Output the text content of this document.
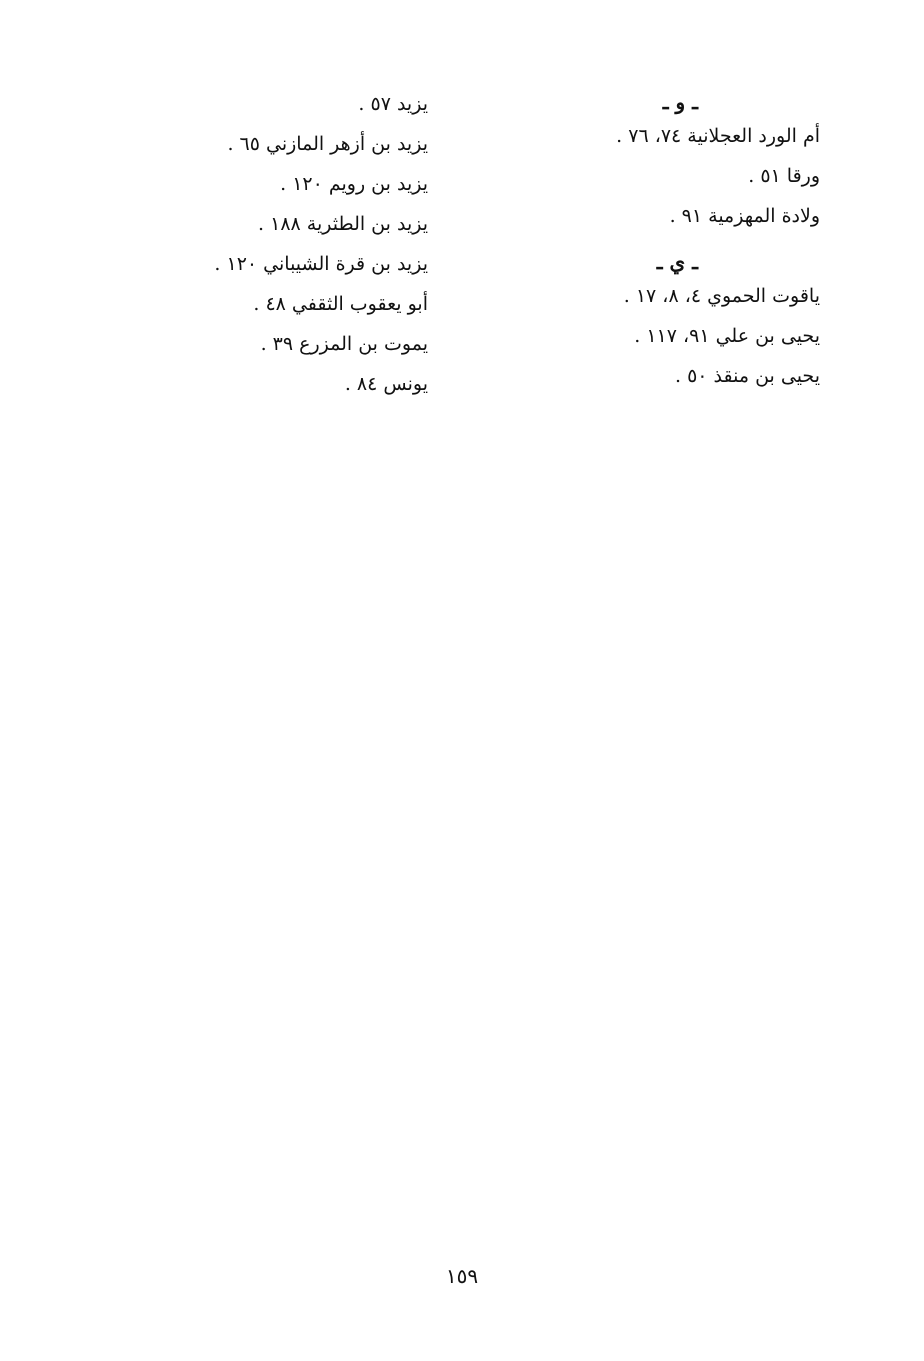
ـ و ـ
أم الورد العجلانية ٧٤، ٧٦ .
ورقا ٥١ .
ولادة المهزمية ٩١ .
ـ ي ـ
ياقوت الحموي ٤، ٨، ١٧ .
يحيى بن علي ٩١، ١١٧ .
يحيى بن منقذ ٥٠ .
يزيد ٥٧ .
يزيد بن أزهر المازني ٦٥ .
يزيد بن رويم ١٢٠ .
يزيد بن الطثرية ١٨٨ .
يزيد بن قرة الشيباني ١٢٠ .
أبو يعقوب الثقفي ٤٨ .
يموت بن المزرع ٣٩ .
يونس ٨٤ .
١٥٩
